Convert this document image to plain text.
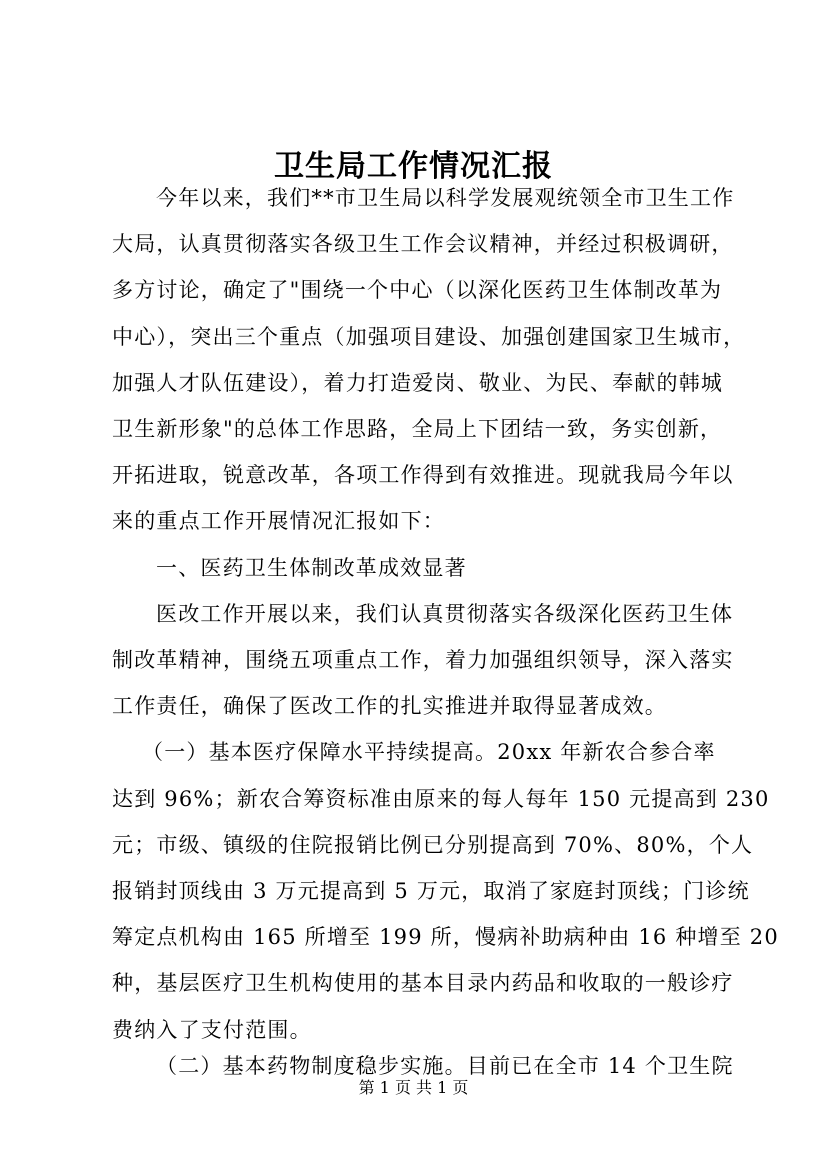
卫生局工作情况汇报
今年以来，我们**市卫生局以科学发展观统领全市卫生工作
大局，认真贯彻落实各级卫生工作会议精神，并经过积极调研，
多方讨论，确定了"围绕一个中心（以深化医药卫生体制改革为
中心），突出三个重点（加强项目建设、加强创建国家卫生城市，
加强人才队伍建设），着力打造爱岗、敬业、为民、奉献的韩城
卫生新形象"的总体工作思路，全局上下团结一致，务实创新，
开拓进取，锐意改革，各项工作得到有效推进。现就我局今年以
来的重点工作开展情况汇报如下：
一、医药卫生体制改革成效显著
医改工作开展以来，我们认真贯彻落实各级深化医药卫生体
制改革精神，围绕五项重点工作，着力加强组织领导，深入落实
工作责任，确保了医改工作的扎实推进并取得显著成效。
（一）基本医疗保障水平持续提高。20xx 年新农合参合率
达到 96%；新农合筹资标准由原来的每人每年 150 元提高到 230
元；市级、镇级的住院报销比例已分别提高到 70%、80%，个人
报销封顶线由 3 万元提高到 5 万元，取消了家庭封顶线；门诊统
筹定点机构由 165 所增至 199 所，慢病补助病种由 16 种增至 20
种，基层医疗卫生机构使用的基本目录内药品和收取的一般诊疗
费纳入了支付范围。
第 1 页 共 1 页
（二）基本药物制度稳步实施。目前已在全市 14 个卫生院
